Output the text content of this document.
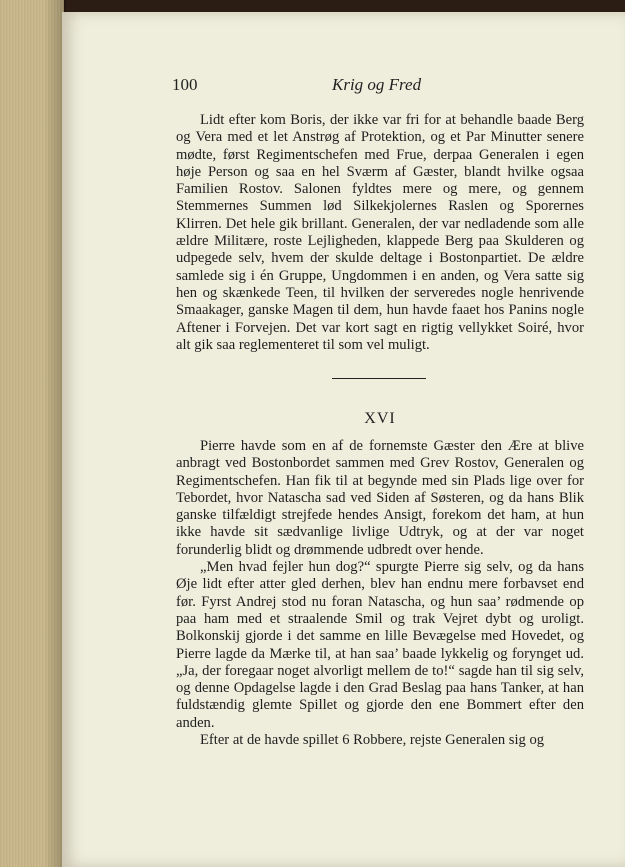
100	Krig og Fred

Lidt efter kom Boris, der ikke var fri for at behandle baade Berg og Vera med et let Anstrøg af Protektion, og et Par Minutter senere mødte, først Regimentschefen med Frue, derpaa Generalen i egen høje Person og saa en hel Sværm af Gæster, blandt hvilke ogsaa Familien Rostov. Salonen fyldtes mere og mere, og gennem Stemmernes Summen lød Silkekjolernes Raslen og Sporernes Klirren. Det hele gik brillant. Generalen, der var nedladende som alle ældre Militære, roste Lejligheden, klappede Berg paa Skulderen og udpegede selv, hvem der skulde deltage i Bostonpartiet. De ældre samlede sig i én Gruppe, Ungdommen i en anden, og Vera satte sig hen og skænkede Teen, til hvilken der serveredes nogle henrivende Smaakager, ganske Magen til dem, hun havde faaet hos Panins nogle Aftener i Forvejen. Det var kort sagt en rigtig vellykket Soiré, hvor alt gik saa reglementeret til som vel muligt.

XVI

Pierre havde som en af de fornemste Gæster den Ære at blive anbragt ved Bostonbordet sammen med Grev Rostov, Generalen og Regimentschefen. Han fik til at begynde med sin Plads lige over for Tebordet, hvor Natascha sad ved Siden af Søsteren, og da hans Blik ganske tilfældigt strejfede hendes Ansigt, forekom det ham, at hun ikke havde sit sædvanlige livlige Udtryk, og at der var noget forunderlig blidt og drømmende udbredt over hende.

„Men hvad fejler hun dog?“ spurgte Pierre sig selv, og da hans Øje lidt efter atter gled derhen, blev han endnu mere forbavset end før. Fyrst Andrej stod nu foran Natascha, og hun saa’ rødmende op paa ham med et straalende Smil og trak Vejret dybt og uroligt. Bolkonskij gjorde i det samme en lille Bevægelse med Hovedet, og Pierre lagde da Mærke til, at han saa’ baade lykkelig og forynget ud. „Ja, der foregaar noget alvorligt mellem de to!“ sagde han til sig selv, og denne Opdagelse lagde i den Grad Beslag paa hans Tanker, at han fuldstændig glemte Spillet og gjorde den ene Bommert efter den anden.

Efter at de havde spillet 6 Robbere, rejste Generalen sig og
